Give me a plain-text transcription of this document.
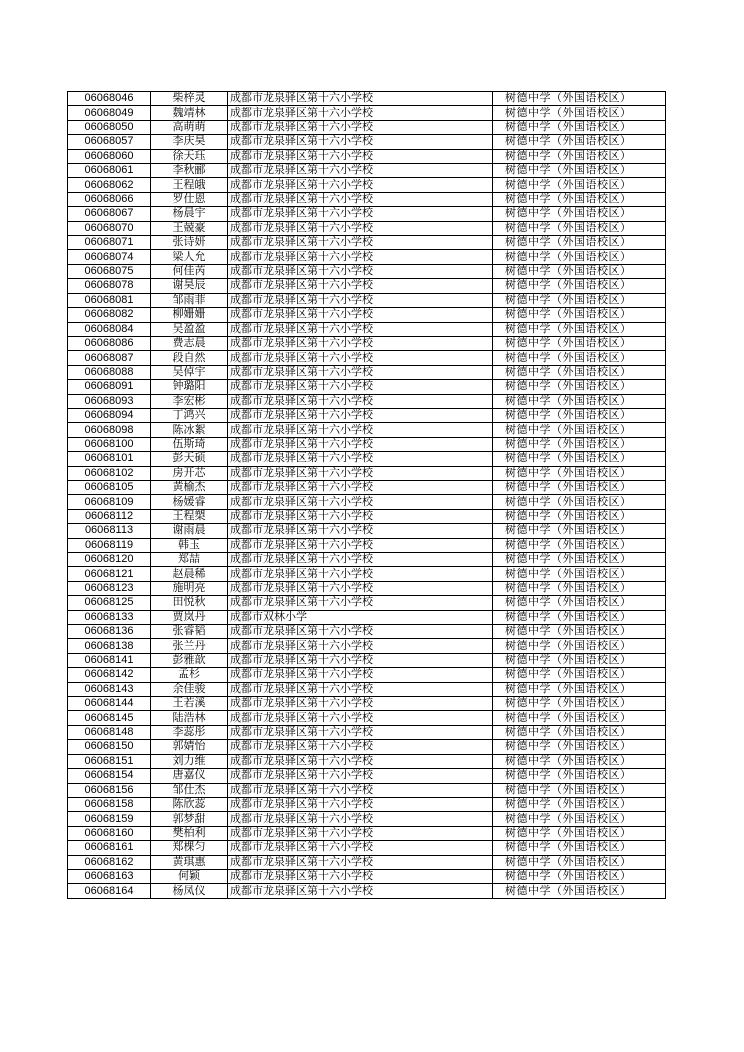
06068046	柴梓灵	成都市龙泉驿区第十六小学校	树德中学（外国语校区）
06068049	魏靖林	成都市龙泉驿区第十六小学校	树德中学（外国语校区）
06068050	高萌萌	成都市龙泉驿区第十六小学校	树德中学（外国语校区）
06068057	李庆昊	成都市龙泉驿区第十六小学校	树德中学（外国语校区）
06068060	徐天珏	成都市龙泉驿区第十六小学校	树德中学（外国语校区）
06068061	李秋郦	成都市龙泉驿区第十六小学校	树德中学（外国语校区）
06068062	王程皒	成都市龙泉驿区第十六小学校	树德中学（外国语校区）
06068066	罗仕恩	成都市龙泉驿区第十六小学校	树德中学（外国语校区）
06068067	杨晨宇	成都市龙泉驿区第十六小学校	树德中学（外国语校区）
06068070	王兢豪	成都市龙泉驿区第十六小学校	树德中学（外国语校区）
06068071	张诗妍	成都市龙泉驿区第十六小学校	树德中学（外国语校区）
06068074	梁人允	成都市龙泉驿区第十六小学校	树德中学（外国语校区）
06068075	何佳芮	成都市龙泉驿区第十六小学校	树德中学（外国语校区）
06068078	谢昊辰	成都市龙泉驿区第十六小学校	树德中学（外国语校区）
06068081	邹雨菲	成都市龙泉驿区第十六小学校	树德中学（外国语校区）
06068082	柳姗姗	成都市龙泉驿区第十六小学校	树德中学（外国语校区）
06068084	吴盈盈	成都市龙泉驿区第十六小学校	树德中学（外国语校区）
06068086	费志晨	成都市龙泉驿区第十六小学校	树德中学（外国语校区）
06068087	段自然	成都市龙泉驿区第十六小学校	树德中学（外国语校区）
06068088	吴倬宇	成都市龙泉驿区第十六小学校	树德中学（外国语校区）
06068091	钟璐阳	成都市龙泉驿区第十六小学校	树德中学（外国语校区）
06068093	李宏彬	成都市龙泉驿区第十六小学校	树德中学（外国语校区）
06068094	丁鸿兴	成都市龙泉驿区第十六小学校	树德中学（外国语校区）
06068098	陈冰絮	成都市龙泉驿区第十六小学校	树德中学（外国语校区）
06068100	伍斯琦	成都市龙泉驿区第十六小学校	树德中学（外国语校区）
06068101	彭天硕	成都市龙泉驿区第十六小学校	树德中学（外国语校区）
06068102	房开芯	成都市龙泉驿区第十六小学校	树德中学（外国语校区）
06068105	黄榆杰	成都市龙泉驿区第十六小学校	树德中学（外国语校区）
06068109	杨媛睿	成都市龙泉驿区第十六小学校	树德中学（外国语校区）
06068112	王程槊	成都市龙泉驿区第十六小学校	树德中学（外国语校区）
06068113	谢雨晨	成都市龙泉驿区第十六小学校	树德中学（外国语校区）
06068119	韩玉	成都市龙泉驿区第十六小学校	树德中学（外国语校区）
06068120	郑喆	成都市龙泉驿区第十六小学校	树德中学（外国语校区）
06068121	赵晨稀	成都市龙泉驿区第十六小学校	树德中学（外国语校区）
06068123	施明亮	成都市龙泉驿区第十六小学校	树德中学（外国语校区）
06068125	田悦秋	成都市龙泉驿区第十六小学校	树德中学（外国语校区）
06068133	贾岚丹	成都市双林小学	树德中学（外国语校区）
06068136	张睿韬	成都市龙泉驿区第十六小学校	树德中学（外国语校区）
06068138	张兰丹	成都市龙泉驿区第十六小学校	树德中学（外国语校区）
06068141	彭雅歆	成都市龙泉驿区第十六小学校	树德中学（外国语校区）
06068142	孟杉	成都市龙泉驿区第十六小学校	树德中学（外国语校区）
06068143	余佳骏	成都市龙泉驿区第十六小学校	树德中学（外国语校区）
06068144	王若溪	成都市龙泉驿区第十六小学校	树德中学（外国语校区）
06068145	陆浩林	成都市龙泉驿区第十六小学校	树德中学（外国语校区）
06068148	李蕊彤	成都市龙泉驿区第十六小学校	树德中学（外国语校区）
06068150	郭婧怡	成都市龙泉驿区第十六小学校	树德中学（外国语校区）
06068151	刘力维	成都市龙泉驿区第十六小学校	树德中学（外国语校区）
06068154	唐嘉仪	成都市龙泉驿区第十六小学校	树德中学（外国语校区）
06068156	邹仕杰	成都市龙泉驿区第十六小学校	树德中学（外国语校区）
06068158	陈欣蕊	成都市龙泉驿区第十六小学校	树德中学（外国语校区）
06068159	郭梦甜	成都市龙泉驿区第十六小学校	树德中学（外国语校区）
06068160	樊柏利	成都市龙泉驿区第十六小学校	树德中学（外国语校区）
06068161	郑棵匀	成都市龙泉驿区第十六小学校	树德中学（外国语校区）
06068162	黄琪惠	成都市龙泉驿区第十六小学校	树德中学（外国语校区）
06068163	何颖	成都市龙泉驿区第十六小学校	树德中学（外国语校区）
06068164	杨凤仪	成都市龙泉驿区第十六小学校	树德中学（外国语校区）
